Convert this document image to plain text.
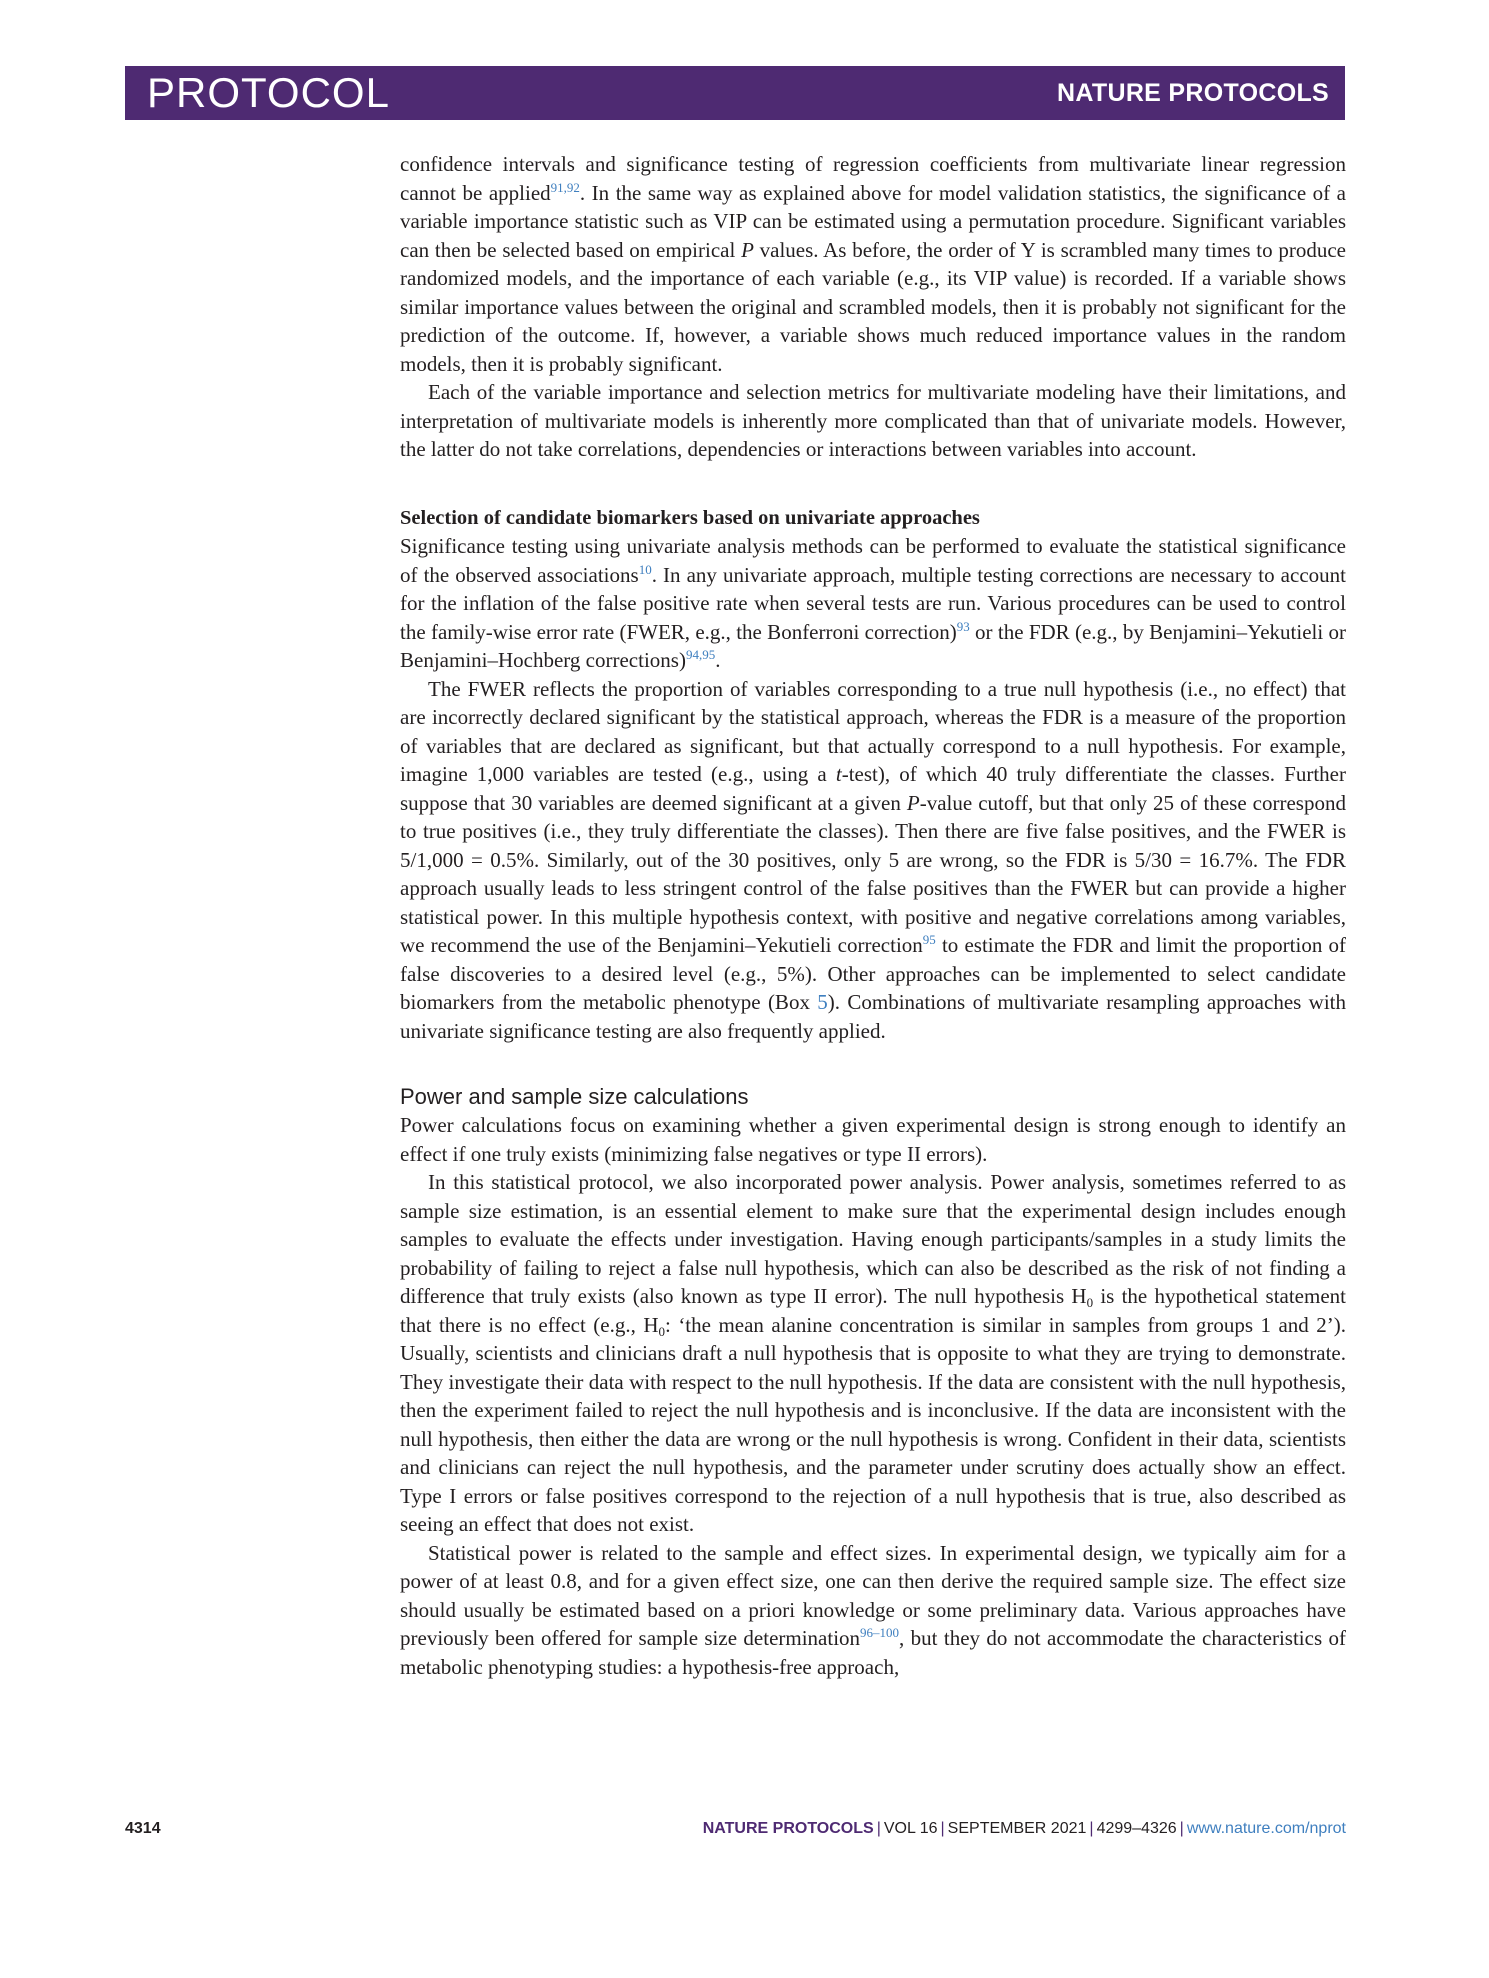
PROTOCOL	NATURE PROTOCOLS

confidence intervals and significance testing of regression coefficients from multivariate linear regression cannot be applied$^{91,92}$. In the same way as explained above for model validation statistics, the significance of a variable importance statistic such as VIP can be estimated using a permutation procedure. Significant variables can then be selected based on empirical P values. As before, the order of Y is scrambled many times to produce randomized models, and the importance of each variable (e.g., its VIP value) is recorded. If a variable shows similar importance values between the original and scrambled models, then it is probably not significant for the prediction of the outcome. If, however, a variable shows much reduced importance values in the random models, then it is probably significant.

Each of the variable importance and selection metrics for multivariate modeling have their limitations, and interpretation of multivariate models is inherently more complicated than that of univariate models. However, the latter do not take correlations, dependencies or interactions between variables into account.

Selection of candidate biomarkers based on univariate approaches

Significance testing using univariate analysis methods can be performed to evaluate the statistical significance of the observed associations$^{10}$. In any univariate approach, multiple testing corrections are necessary to account for the inflation of the false positive rate when several tests are run. Various procedures can be used to control the family-wise error rate (FWER, e.g., the Bonferroni correction)$^{93}$ or the FDR (e.g., by Benjamini–Yekutieli or Benjamini–Hochberg corrections)$^{94,95}$.

The FWER reflects the proportion of variables corresponding to a true null hypothesis (i.e., no effect) that are incorrectly declared significant by the statistical approach, whereas the FDR is a measure of the proportion of variables that are declared as significant, but that actually correspond to a null hypothesis. For example, imagine 1,000 variables are tested (e.g., using a t-test), of which 40 truly differentiate the classes. Further suppose that 30 variables are deemed significant at a given P-value cutoff, but that only 25 of these correspond to true positives (i.e., they truly differentiate the classes). Then there are five false positives, and the FWER is 5/1,000 = 0.5%. Similarly, out of the 30 positives, only 5 are wrong, so the FDR is 5/30 = 16.7%. The FDR approach usually leads to less stringent control of the false positives than the FWER but can provide a higher statistical power. In this multiple hypothesis context, with positive and negative correlations among variables, we recommend the use of the Benjamini–Yekutieli correction$^{95}$ to estimate the FDR and limit the proportion of false discoveries to a desired level (e.g., 5%). Other approaches can be implemented to select candidate biomarkers from the metabolic phenotype (Box 5). Combinations of multivariate resampling approaches with univariate significance testing are also frequently applied.

Power and sample size calculations

Power calculations focus on examining whether a given experimental design is strong enough to identify an effect if one truly exists (minimizing false negatives or type II errors).

In this statistical protocol, we also incorporated power analysis. Power analysis, sometimes referred to as sample size estimation, is an essential element to make sure that the experimental design includes enough samples to evaluate the effects under investigation. Having enough participants/samples in a study limits the probability of failing to reject a false null hypothesis, which can also be described as the risk of not finding a difference that truly exists (also known as type II error). The null hypothesis $H_0$ is the hypothetical statement that there is no effect (e.g., $H_0$: ‘the mean alanine concentration is similar in samples from groups 1 and 2’). Usually, scientists and clinicians draft a null hypothesis that is opposite to what they are trying to demonstrate. They investigate their data with respect to the null hypothesis. If the data are consistent with the null hypothesis, then the experiment failed to reject the null hypothesis and is inconclusive. If the data are inconsistent with the null hypothesis, then either the data are wrong or the null hypothesis is wrong. Confident in their data, scientists and clinicians can reject the null hypothesis, and the parameter under scrutiny does actually show an effect. Type I errors or false positives correspond to the rejection of a null hypothesis that is true, also described as seeing an effect that does not exist.

Statistical power is related to the sample and effect sizes. In experimental design, we typically aim for a power of at least 0.8, and for a given effect size, one can then derive the required sample size. The effect size should usually be estimated based on a priori knowledge or some preliminary data. Various approaches have previously been offered for sample size determination$^{96-100}$, but they do not accommodate the characteristics of metabolic phenotyping studies: a hypothesis-free approach,

4314	NATURE PROTOCOLS | VOL 16 | SEPTEMBER 2021 | 4299–4326 | www.nature.com/nprot
